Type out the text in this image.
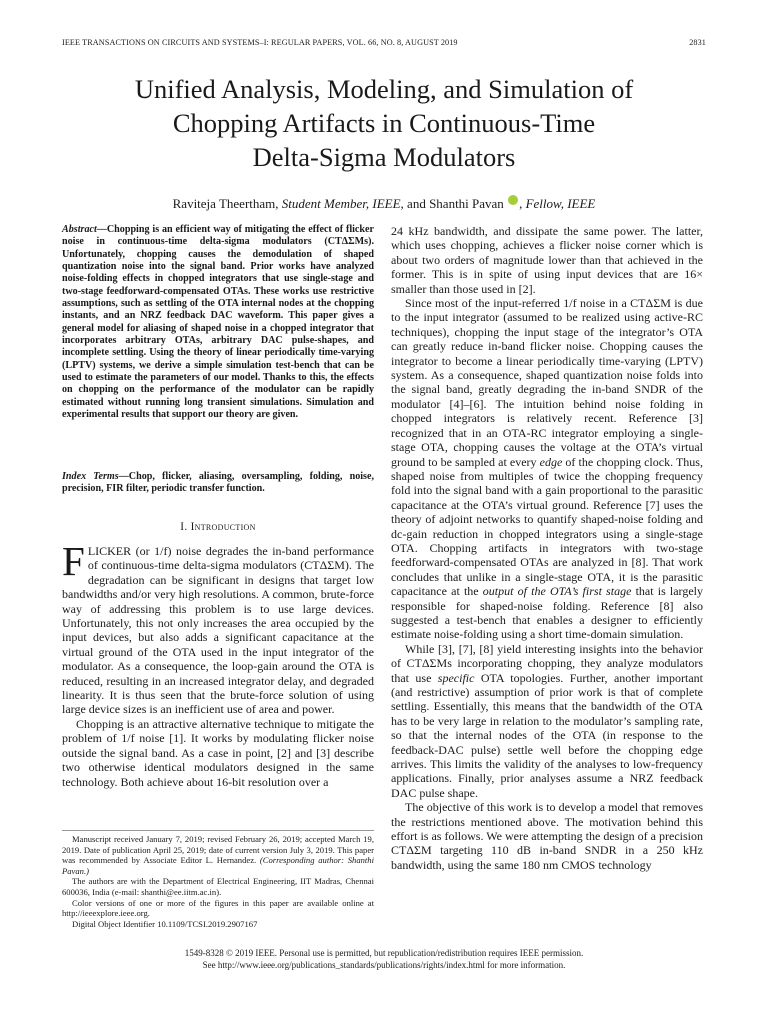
IEEE TRANSACTIONS ON CIRCUITS AND SYSTEMS–I: REGULAR PAPERS, VOL. 66, NO. 8, AUGUST 2019	2831
Unified Analysis, Modeling, and Simulation of
Chopping Artifacts in Continuous-Time
Delta-Sigma Modulators
Raviteja Theertham, Student Member, IEEE, and Shanthi Pavan , Fellow, IEEE
Abstract—Chopping is an efficient way of mitigating the effect of flicker noise in continuous-time delta-sigma modulators (CTΔΣMs). Unfortunately, chopping causes the demodulation of shaped quantization noise into the signal band. Prior works have analyzed noise-folding effects in chopped integrators that use single-stage and two-stage feedforward-compensated OTAs. These works use restrictive assumptions, such as settling of the OTA internal nodes at the chopping instants, and an NRZ feedback DAC waveform. This paper gives a general model for aliasing of shaped noise in a chopped integrator that incorporates arbitrary OTAs, arbitrary DAC pulse-shapes, and incomplete settling. Using the theory of linear periodically time-varying (LPTV) systems, we derive a simple simulation test-bench that can be used to estimate the parameters of our model. Thanks to this, the effects on chopping on the performance of the modulator can be rapidly estimated without running long transient simulations. Simulation and experimental results that support our theory are given.
Index Terms—Chop, flicker, aliasing, oversampling, folding, noise, precision, FIR filter, periodic transfer function.
I. Introduction

FLICKER (or 1/f) noise degrades the in-band performance of continuous-time delta-sigma modulators (CTΔΣM). The degradation can be significant in designs that target low bandwidths and/or very high resolutions. A common, brute-force way of addressing this problem is to use large devices. Unfortunately, this not only increases the area occupied by the input devices, but also adds a significant capacitance at the virtual ground of the OTA used in the input integrator of the modulator. As a consequence, the loop-gain around the OTA is reduced, resulting in an increased integrator delay, and degraded linearity. It is thus seen that the brute-force solution of using large device sizes is an inefficient use of area and power.

Chopping is an attractive alternative technique to mitigate the problem of 1/f noise [1]. It works by modulating flicker noise outside the signal band. As a case in point, [2] and [3] describe two otherwise identical modulators designed in the same technology. Both achieve about 16-bit resolution over a

Manuscript received January 7, 2019; revised February 26, 2019; accepted March 19, 2019. Date of publication April 25, 2019; date of current version July 3, 2019. This paper was recommended by Associate Editor L. Hernandez. (Corresponding author: Shanthi Pavan.)

The authors are with the Department of Electrical Engineering, IIT Madras, Chennai 600036, India (e-mail: shanthi@ee.iitm.ac.in).

Color versions of one or more of the figures in this paper are available online at http://ieeexplore.ieee.org.

Digital Object Identifier 10.1109/TCSI.2019.2907167

24 kHz bandwidth, and dissipate the same power. The latter, which uses chopping, achieves a flicker noise corner which is about two orders of magnitude lower than that achieved in the former. This is in spite of using input devices that are 16× smaller than those used in [2].

Since most of the input-referred 1/f noise in a CTΔΣM is due to the input integrator (assumed to be realized using active-RC techniques), chopping the input stage of the integrator’s OTA can greatly reduce in-band flicker noise. Chopping causes the integrator to become a linear periodically time-varying (LPTV) system. As a consequence, shaped quantization noise folds into the signal band, greatly degrading the in-band SNDR of the modulator [4]–[6]. The intuition behind noise folding in chopped integrators is relatively recent. Reference [3] recognized that in an OTA-RC integrator employing a single-stage OTA, chopping causes the voltage at the OTA’s virtual ground to be sampled at every edge of the chopping clock. Thus, shaped noise from multiples of twice the chopping frequency fold into the signal band with a gain proportional to the parasitic capacitance at the OTA’s virtual ground. Reference [7] uses the theory of adjoint networks to quantify shaped-noise folding and dc-gain reduction in chopped integrators using a single-stage OTA. Chopping artifacts in integrators with two-stage feedforward-compensated OTAs are analyzed in [8]. That work concludes that unlike in a single-stage OTA, it is the parasitic capacitance at the output of the OTA’s first stage that is largely responsible for shaped-noise folding. Reference [8] also suggested a test-bench that enables a designer to efficiently estimate noise-folding using a short time-domain simulation.

While [3], [7], [8] yield interesting insights into the behavior of CTΔΣMs incorporating chopping, they analyze modulators that use specific OTA topologies. Further, another important (and restrictive) assumption of prior work is that of complete settling. Essentially, this means that the bandwidth of the OTA has to be very large in relation to the modulator’s sampling rate, so that the internal nodes of the OTA (in response to the feedback-DAC pulse) settle well before the chopping edge arrives. This limits the validity of the analyses to low-frequency applications. Finally, prior analyses assume a NRZ feedback DAC pulse shape.

The objective of this work is to develop a model that removes the restrictions mentioned above. The motivation behind this effort is as follows. We were attempting the design of a precision CTΔΣM targeting 110 dB in-band SNDR in a 250 kHz bandwidth, using the same 180 nm CMOS technology

1549-8328 © 2019 IEEE. Personal use is permitted, but republication/redistribution requires IEEE permission.
See http://www.ieee.org/publications_standards/publications/rights/index.html for more information.
